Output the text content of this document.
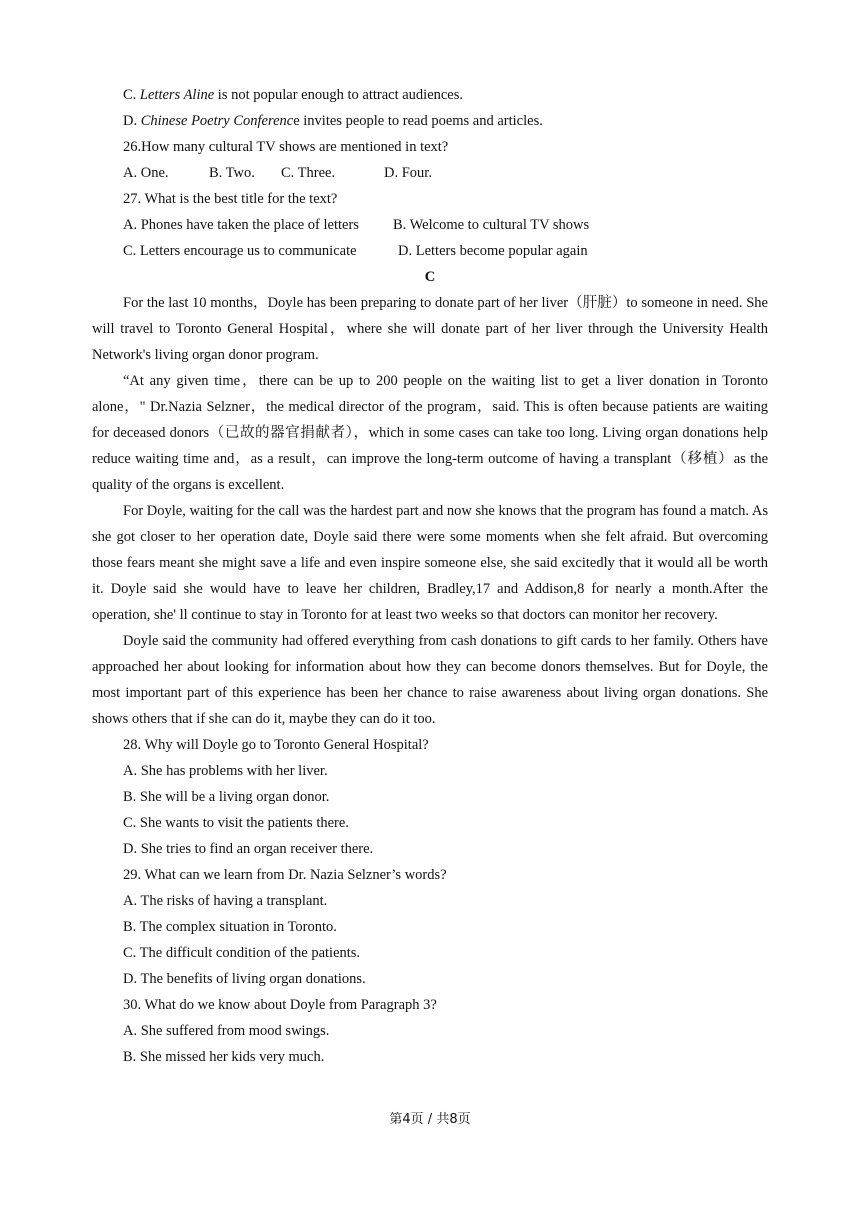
C. Letters Aline is not popular enough to attract audiences.
D. Chinese Poetry Conference invites people to read poems and articles.
26.How many cultural TV shows are mentioned in text?
A. One.	B. Two.	C. Three.	D. Four.
27. What is the best title for the text?
A. Phones have taken the place of letters	B. Welcome to cultural TV shows
C. Letters encourage us to communicate	D. Letters become popular again
C

For the last 10 months，Doyle has been preparing to donate part of her liver（肝脏）to someone in need. She will travel to Toronto General Hospital，where she will donate part of her liver through the University Health Network's living organ donor program.

“At any given time，there can be up to 200 people on the waiting list to get a liver donation in Toronto alone，" Dr.Nazia Selzner，the medical director of the program，said. This is often because patients are waiting for deceased donors（已故的器官捐献者），which in some cases can take too long. Living organ donations help reduce waiting time and，as a result，can improve the long-term outcome of having a transplant（移植）as the quality of the organs is excellent.

For Doyle, waiting for the call was the hardest part and now she knows that the program has found a match. As she got closer to her operation date, Doyle said there were some moments when she felt afraid. But overcoming those fears meant she might save a life and even inspire someone else, she said excitedly that it would all be worth it. Doyle said she would have to leave her children, Bradley,17 and Addison,8 for nearly a month.After the operation, she' ll continue to stay in Toronto for at least two weeks so that doctors can monitor her recovery.

Doyle said the community had offered everything from cash donations to gift cards to her family. Others have approached her about looking for information about how they can become donors themselves. But for Doyle, the most important part of this experience has been her chance to raise awareness about living organ donations. She shows others that if she can do it, maybe they can do it too.

28. Why will Doyle go to Toronto General Hospital?
A. She has problems with her liver.
B. She will be a living organ donor.
C. She wants to visit the patients there.
D. She tries to find an organ receiver there.
29. What can we learn from Dr. Nazia Selzner’s words?
A. The risks of having a transplant.
B. The complex situation in Toronto.
C. The difficult condition of the patients.
D. The benefits of living organ donations.
30. What do we know about Doyle from Paragraph 3?
A. She suffered from mood swings.
B. She missed her kids very much.
第4页 / 共8页
